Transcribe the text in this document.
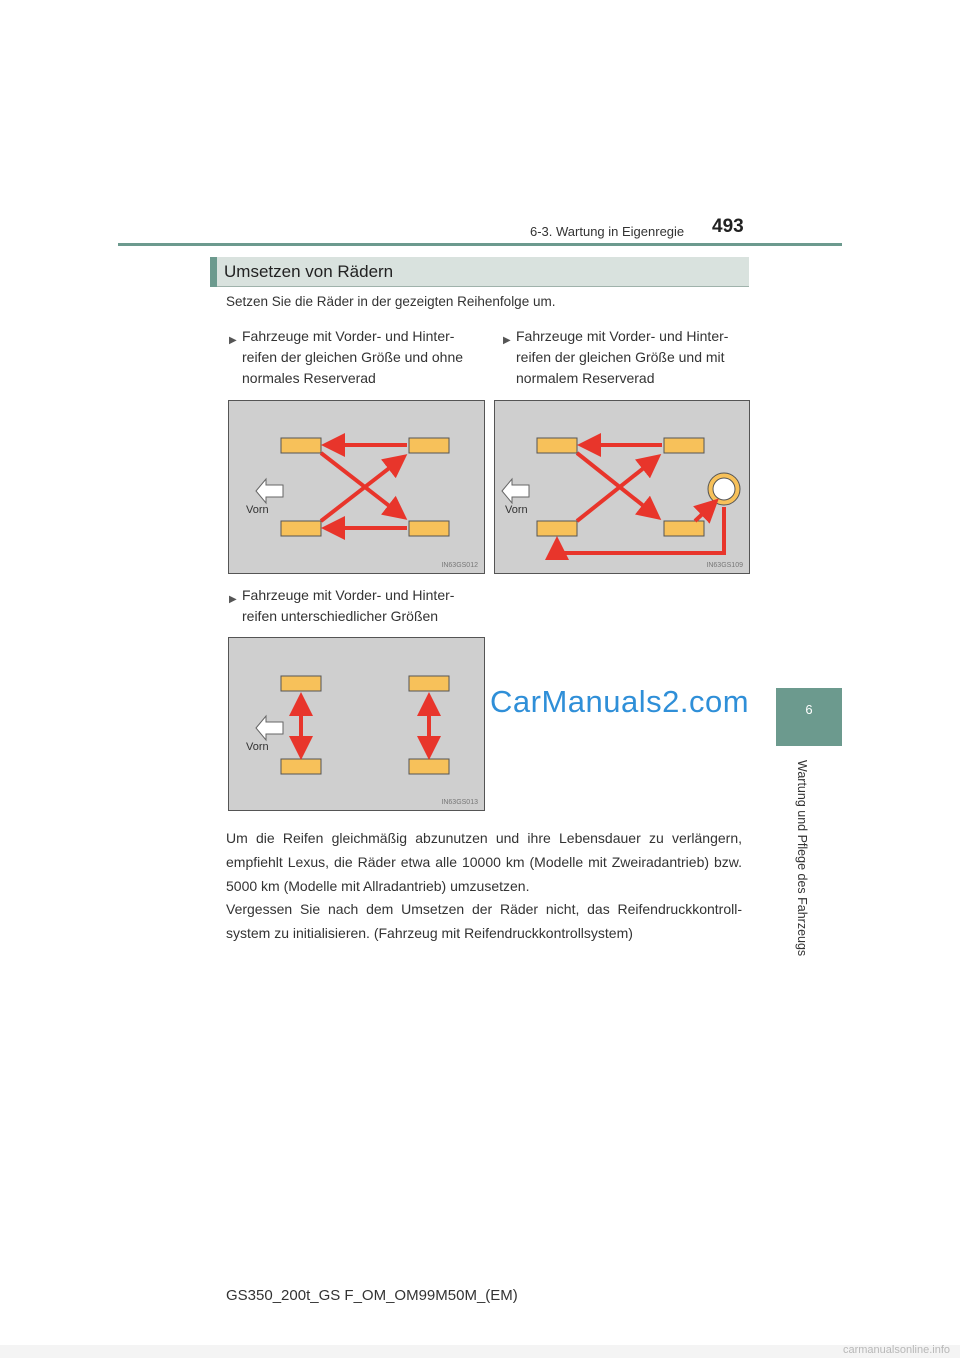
6-3. Wartung in Eigenregie 493
6
Wartung und Pflege des Fahrzeugs
Umsetzen von Rädern
Setzen Sie die Räder in der gezeigten Reihenfolge um.
▶ Fahrzeuge mit Vorder- und Hinter-
reifen der gleichen Größe und ohne
normales Reserverad
▶ Fahrzeuge mit Vorder- und Hinter-
reifen der gleichen Größe und mit
normalem Reserverad
▶ Fahrzeuge mit Vorder- und Hinter-
reifen unterschiedlicher Größen
Vorn
IN63GS012
Vorn
IN63GS109
Vorn
IN63GS013
CarManuals2.com
Um die Reifen gleichmäßig abzunutzen und ihre Lebensdauer zu verlängern, empfiehlt Lexus, die Räder etwa alle 10000 km (Modelle mit Zweiradantrieb) bzw. 5000 km (Modelle mit Allradantrieb) umzusetzen.
Vergessen Sie nach dem Umsetzen der Räder nicht, das Reifendruckkontroll-system zu initialisieren. (Fahrzeug mit Reifendruckkontrollsystem)
GS350_200t_GS F_OM_OM99M50M_(EM)
carmanualsonline.info
